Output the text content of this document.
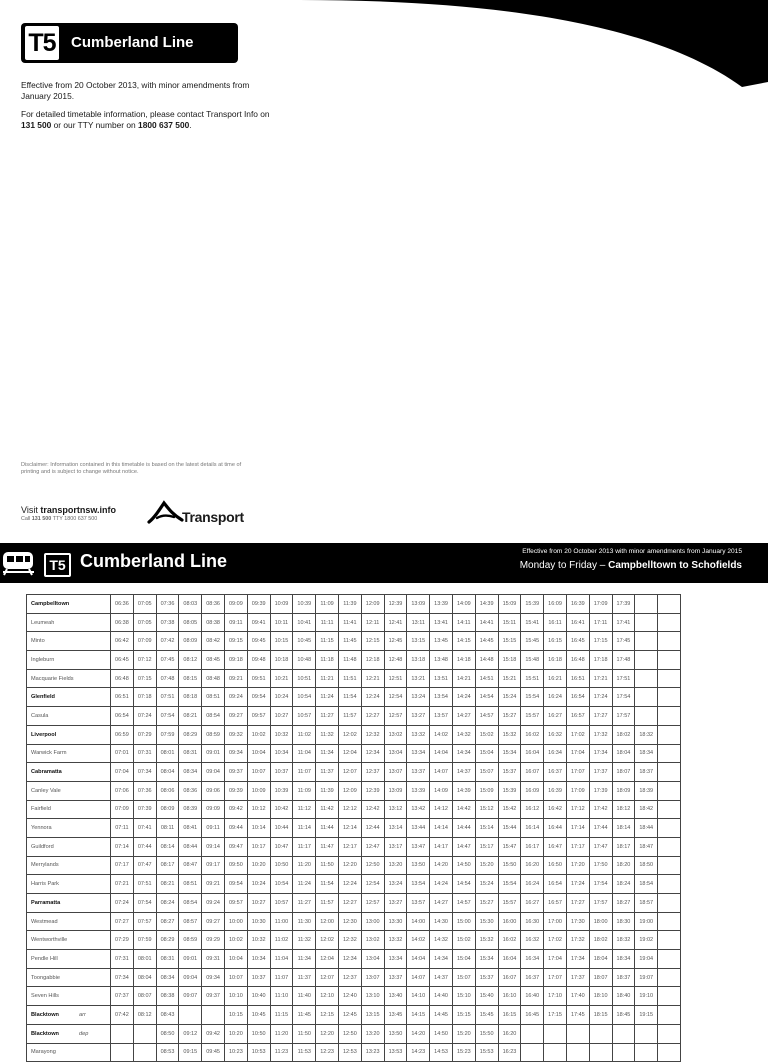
T5 Cumberland Line

Effective from 20 October 2013, with minor amendments from January 2015.

For detailed timetable information, please contact Transport Info on 131 500 or our TTY number on 1800 637 500.

Disclaimer: Information contained in this timetable is based on the latest details at time of printing and is subject to change without notice.
Visit transportnsw.info
Call 131 500 TTY 1800 637 500	Transport
T5 Cumberland Line	Effective from 20 October 2013 with minor amendments from January 2015
Monday to Friday – Campbelltown to Schofields
Campbelltown	06:36	07:05	07:36	08:03	08:36	09:09	09:39	10:09	10:39	11:09	11:39	12:09	12:39	13:09	13:39	14:09	14:39	15:09	15:39	16:09	16:39	17:09	17:39		
Leumeah	06:38	07:05	07:38	08:05	08:38	09:11	09:41	10:11	10:41	11:11	11:41	12:11	12:41	13:11	13:41	14:11	14:41	15:11	15:41	16:11	16:41	17:11	17:41		
Minto	06:42	07:09	07:42	08:09	08:42	09:15	09:45	10:15	10:45	11:15	11:45	12:15	12:45	13:15	13:45	14:15	14:45	15:15	15:45	16:15	16:45	17:15	17:45		
Ingleburn	06:45	07:12	07:45	08:12	08:45	09:18	09:48	10:18	10:48	11:18	11:48	12:18	12:48	13:18	13:48	14:18	14:48	15:18	15:48	16:18	16:48	17:18	17:48		
Macquarie Fields	06:48	07:15	07:48	08:15	08:48	09:21	09:51	10:21	10:51	11:21	11:51	12:21	12:51	13:21	13:51	14:21	14:51	15:21	15:51	16:21	16:51	17:21	17:51		
Glenfield	06:51	07:18	07:51	08:18	08:51	09:24	09:54	10:24	10:54	11:24	11:54	12:24	12:54	13:24	13:54	14:24	14:54	15:24	15:54	16:24	16:54	17:24	17:54		
Casula	06:54	07:24	07:54	08:21	08:54	09:27	09:57	10:27	10:57	11:27	11:57	12:27	12:57	13:27	13:57	14:27	14:57	15:27	15:57	16:27	16:57	17:27	17:57		
Liverpool	06:59	07:29	07:59	08:29	08:59	09:32	10:02	10:32	11:02	11:32	12:02	12:32	13:02	13:32	14:02	14:32	15:02	15:32	16:02	16:32	17:02	17:32	18:02	18:32	
Warwick Farm	07:01	07:31	08:01	08:31	09:01	09:34	10:04	10:34	11:04	11:34	12:04	12:34	13:04	13:34	14:04	14:34	15:04	15:34	16:04	16:34	17:04	17:34	18:04	18:34	
Cabramatta	07:04	07:34	08:04	08:34	09:04	09:37	10:07	10:37	11:07	11:37	12:07	12:37	13:07	13:37	14:07	14:37	15:07	15:37	16:07	16:37	17:07	17:37	18:07	18:37	
Canley Vale	07:06	07:36	08:06	08:36	09:06	09:39	10:09	10:39	11:09	11:39	12:09	12:39	13:09	13:39	14:09	14:39	15:09	15:39	16:09	16:39	17:09	17:39	18:09	18:39	
Fairfield	07:09	07:39	08:09	08:39	09:09	09:42	10:12	10:42	11:12	11:42	12:12	12:42	13:12	13:42	14:12	14:42	15:12	15:42	16:12	16:42	17:12	17:42	18:12	18:42	
Yennora	07:11	07:41	08:11	08:41	09:11	09:44	10:14	10:44	11:14	11:44	12:14	12:44	13:14	13:44	14:14	14:44	15:14	15:44	16:14	16:44	17:14	17:44	18:14	18:44	
Guildford	07:14	07:44	08:14	08:44	09:14	09:47	10:17	10:47	11:17	11:47	12:17	12:47	13:17	13:47	14:17	14:47	15:17	15:47	16:17	16:47	17:17	17:47	18:17	18:47	
Merrylands	07:17	07:47	08:17	08:47	09:17	09:50	10:20	10:50	11:20	11:50	12:20	12:50	13:20	13:50	14:20	14:50	15:20	15:50	16:20	16:50	17:20	17:50	18:20	18:50	
Harris Park	07:21	07:51	08:21	08:51	09:21	09:54	10:24	10:54	11:24	11:54	12:24	12:54	13:24	13:54	14:24	14:54	15:24	15:54	16:24	16:54	17:24	17:54	18:24	18:54	
Parramatta	07:24	07:54	08:24	08:54	09:24	09:57	10:27	10:57	11:27	11:57	12:27	12:57	13:27	13:57	14:27	14:57	15:27	15:57	16:27	16:57	17:27	17:57	18:27	18:57	
Westmead	07:27	07:57	08:27	08:57	09:27	10:00	10:30	11:00	11:30	12:00	12:30	13:00	13:30	14:00	14:30	15:00	15:30	16:00	16:30	17:00	17:30	18:00	18:30	19:00	
Wentworthville	07:29	07:59	08:29	08:59	09:29	10:02	10:32	11:02	11:32	12:02	12:32	13:02	13:32	14:02	14:32	15:02	15:32	16:02	16:32	17:02	17:32	18:02	18:32	19:02	
Pendle Hill	07:31	08:01	08:31	09:01	09:31	10:04	10:34	11:04	11:34	12:04	12:34	13:04	13:34	14:04	14:34	15:04	15:34	16:04	16:34	17:04	17:34	18:04	18:34	19:04	
Toongabbie	07:34	08:04	08:34	09:04	09:34	10:07	10:37	11:07	11:37	12:07	12:37	13:07	13:37	14:07	14:37	15:07	15:37	16:07	16:37	17:07	17:37	18:07	18:37	19:07	
Seven Hills	07:37	08:07	08:38	09:07	09:37	10:10	10:40	11:10	11:40	12:10	12:40	13:10	13:40	14:10	14:40	15:10	15:40	16:10	16:40	17:10	17:40	18:10	18:40	19:10	
Blacktown arr	07:42	08:12	08:43			10:15	10:45	11:15	11:45	12:15	12:45	13:15	13:45	14:15	14:45	15:15	15:45	16:15	16:45	17:15	17:45	18:15	18:45	19:15	
Blacktown dep			08:50	09:12	09:42	10:20	10:50	11:20	11:50	12:20	12:50	13:20	13:50	14:20	14:50	15:20	15:50	16:20							
Marayong			08:53	09:15	09:45	10:23	10:53	11:23	11:53	12:23	12:53	13:23	13:53	14:23	14:53	15:23	15:53	16:23							
